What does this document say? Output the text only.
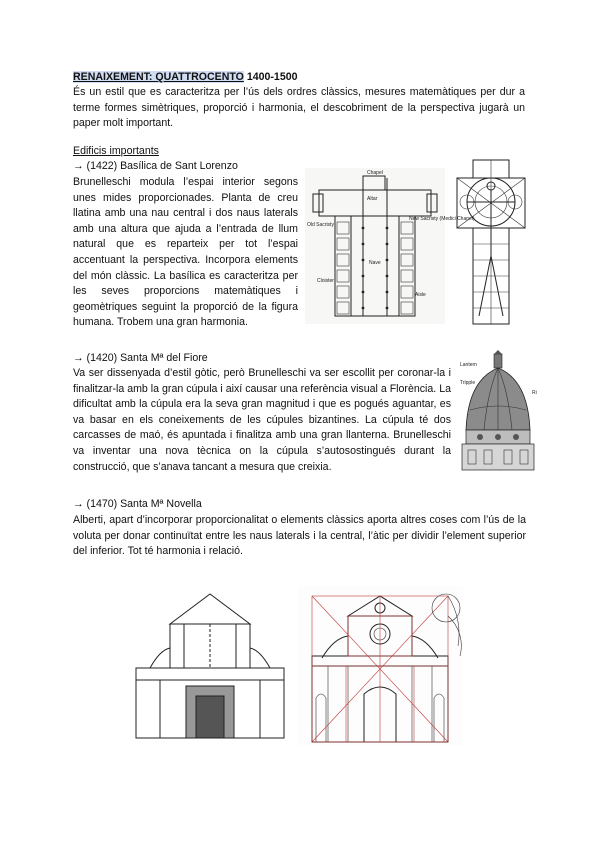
RENAIXEMENT: QUATTROCENTO 1400-1500
És un estil que es caracteritza per l’ús dels ordres clàssics, mesures matemàtiques per dur a terme formes simètriques, proporció i harmonia, el descobriment de la perspectiva jugarà un paper molt important.
Edificis importants
→ (1422) Basílica de Sant Lorenzo
Brunelleschi modula l’espai interior segons unes mides proporcionades. Planta de creu llatina amb una nau central i dos naus laterals amb una altura que ajuda a l’entrada de llum natural que es reparteix per tot l’espai accentuant la perspectiva. Incorpora elements del món clàssic. La basílica es caracteritza per les seves proporcions matemàtiques i geomètriques seguint la proporció de la figura humana. Trobem una gran harmonia.
Chapel
Altar
Old Sacristy
New Sacristy (Medici Chapel)
Nave
Cloister
Aisle
→ (1420) Santa Mª del Fiore
Va ser dissenyada d’estil gòtic, però Brunelleschi va ser escollit per coronar-la i finalitzar-la amb la gran cúpula i així causar una referència visual a Florència. La dificultat amb la cúpula era la seva gran magnitud i que es pogués aguantar, es va basar en els coneixements de les cúpules bizantines. La cúpula té dos carcasses de maó, és apuntada i finalitza amb una gran llanterna. Brunelleschi va inventar una nova tècnica on la cúpula s’autosostingués durant la construcció, que s’anava tancant a mesura que creixia.
Lantern
Tripple
Ri
→ (1470) Santa Mª Novella
Alberti, apart d’incorporar proporcionalitat o elements clàssics aporta altres coses com l’ús de la voluta per donar continuïtat entre les naus laterals i la central, l’àtic per dividir l’element superior del inferior. Tot té harmonia i relació.
